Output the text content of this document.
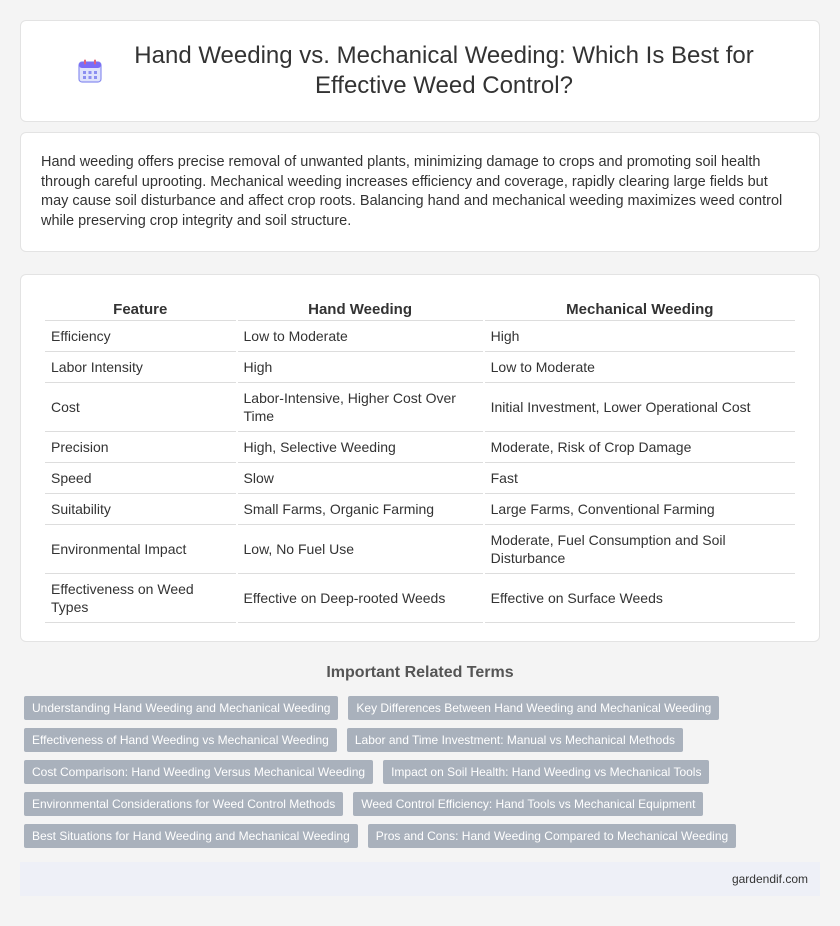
Hand Weeding vs. Mechanical Weeding: Which Is Best for Effective Weed Control?

Hand weeding offers precise removal of unwanted plants, minimizing damage to crops and promoting soil health through careful uprooting. Mechanical weeding increases efficiency and coverage, rapidly clearing large fields but may cause soil disturbance and affect crop roots. Balancing hand and mechanical weeding maximizes weed control while preserving crop integrity and soil structure.

Feature	Hand Weeding	Mechanical Weeding
Efficiency	Low to Moderate	High
Labor Intensity	High	Low to Moderate
Cost	Labor-Intensive, Higher Cost Over Time	Initial Investment, Lower Operational Cost
Precision	High, Selective Weeding	Moderate, Risk of Crop Damage
Speed	Slow	Fast
Suitability	Small Farms, Organic Farming	Large Farms, Conventional Farming
Environmental Impact	Low, No Fuel Use	Moderate, Fuel Consumption and Soil Disturbance
Effectiveness on Weed Types	Effective on Deep-rooted Weeds	Effective on Surface Weeds
Important Related Terms
Understanding Hand Weeding and Mechanical Weeding	Key Differences Between Hand Weeding and Mechanical Weeding
Effectiveness of Hand Weeding vs Mechanical Weeding	Labor and Time Investment: Manual vs Mechanical Methods
Cost Comparison: Hand Weeding Versus Mechanical Weeding	Impact on Soil Health: Hand Weeding vs Mechanical Tools
Environmental Considerations for Weed Control Methods	Weed Control Efficiency: Hand Tools vs Mechanical Equipment
Best Situations for Hand Weeding and Mechanical Weeding	Pros and Cons: Hand Weeding Compared to Mechanical Weeding
gardendif.com
